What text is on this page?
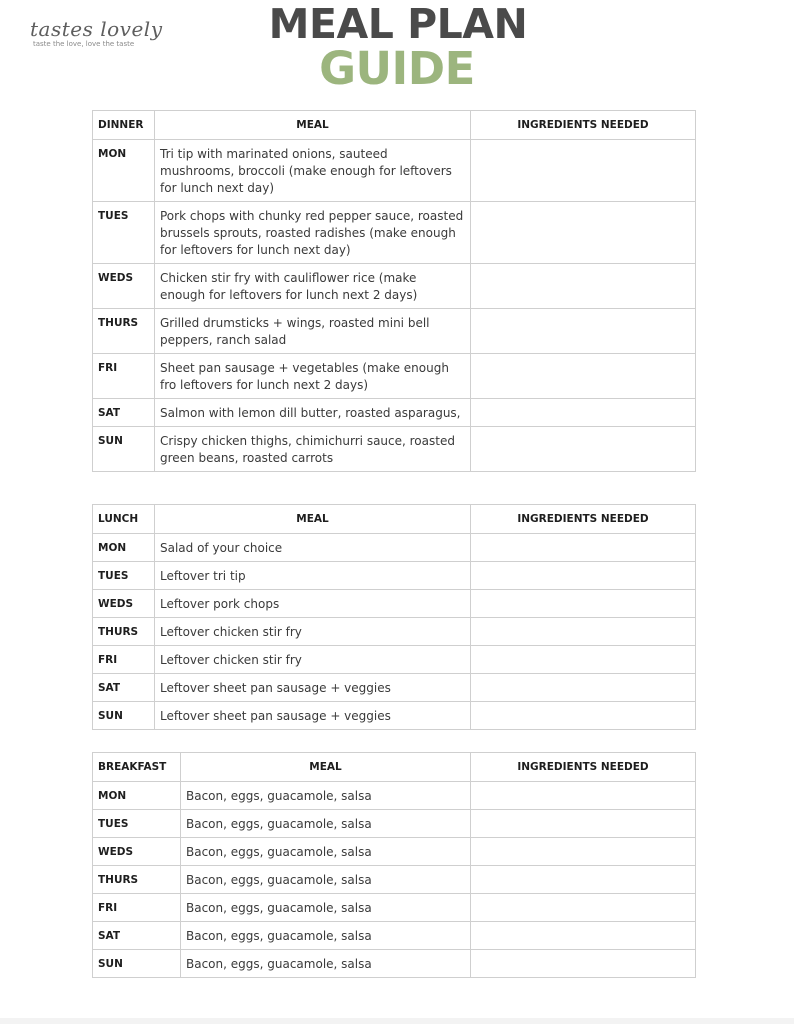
tastes lovely
taste the love, love the taste	MEAL PLAN
GUIDE
DINNER	MEAL	INGREDIENTS NEEDED
MON	Tri tip with marinated onions, sauteed mushrooms, broccoli (make enough for leftovers for lunch next day)	
TUES	Pork chops with chunky red pepper sauce, roasted brussels sprouts, roasted radishes (make enough for leftovers for lunch next day)	
WEDS	Chicken stir fry with cauliflower rice (make enough for leftovers for lunch next 2 days)	
THURS	Grilled drumsticks + wings, roasted mini bell peppers, ranch salad	
FRI	Sheet pan sausage + vegetables (make enough fro leftovers for lunch next 2 days)	
SAT	Salmon with lemon dill butter, roasted asparagus,	
SUN	Crispy chicken thighs, chimichurri sauce, roasted green beans, roasted carrots	
LUNCH	MEAL	INGREDIENTS NEEDED
MON	Salad of your choice	
TUES	Leftover tri tip	
WEDS	Leftover pork chops	
THURS	Leftover chicken stir fry	
FRI	Leftover chicken stir fry	
SAT	Leftover sheet pan sausage + veggies	
SUN	Leftover sheet pan sausage + veggies	
BREAKFAST	MEAL	INGREDIENTS NEEDED
MON	Bacon, eggs, guacamole, salsa	
TUES	Bacon, eggs, guacamole, salsa	
WEDS	Bacon, eggs, guacamole, salsa	
THURS	Bacon, eggs, guacamole, salsa	
FRI	Bacon, eggs, guacamole, salsa	
SAT	Bacon, eggs, guacamole, salsa	
SUN	Bacon, eggs, guacamole, salsa	
